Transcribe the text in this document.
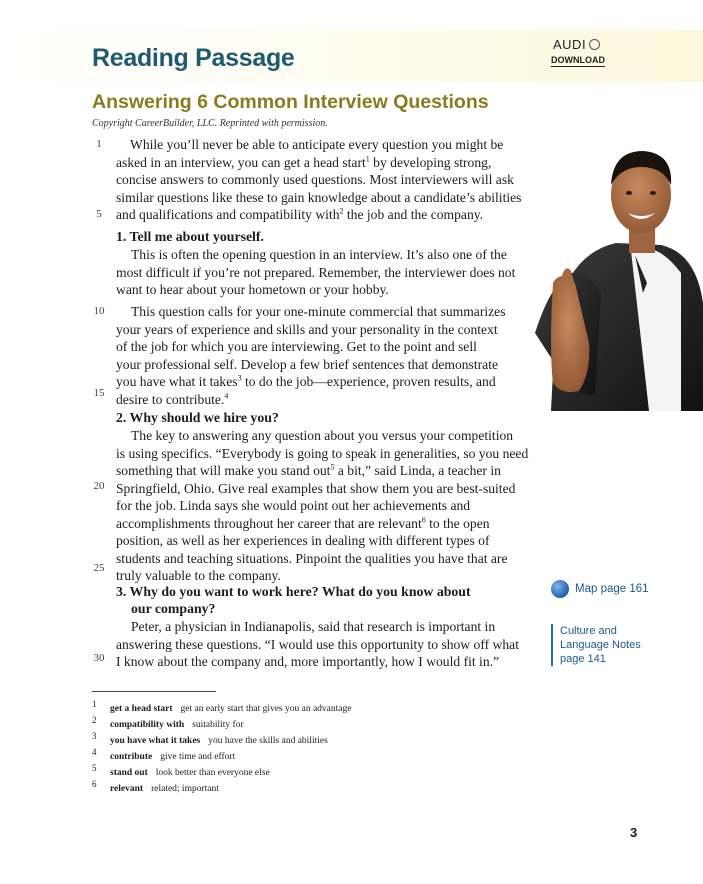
Reading Passage	AUDI
DOWNLOAD
Answering 6 Common Interview Questions
Copyright CareerBuilder, LLC. Reprinted with permission.
While you’ll never be able to anticipate every question you might be
asked in an interview, you can get a head start$^1$ by developing strong,
concise answers to commonly used questions. Most interviewers will ask
similar questions like these to gain knowledge about a candidate’s abilities
and qualifications and compatibility with$^2$ the job and the company.
1. Tell me about yourself.
This is often the opening question in an interview. It’s also one of the
most difficult if you’re not prepared. Remember, the interviewer does not
want to hear about your hometown or your hobby.
This question calls for your one-minute commercial that summarizes
your years of experience and skills and your personality in the context
of the job for which you are interviewing. Get to the point and sell
your professional self. Develop a few brief sentences that demonstrate
you have what it takes$^3$ to do the job—experience, proven results, and
desire to contribute.$^4$
2. Why should we hire you?
The key to answering any question about you versus your competition
is using specifics. “Everybody is going to speak in generalities, so you need
something that will make you stand out$^5$ a bit,” said Linda, a teacher in
Springfield, Ohio. Give real examples that show them you are best-suited
for the job. Linda says she would point out her achievements and
accomplishments throughout her career that are relevant$^6$ to the open
position, as well as her experiences in dealing with different types of
students and teaching situations. Pinpoint the qualities you have that are
truly valuable to the company.
3. Why do you want to work here? What do you know about
our company?
Peter, a physician in Indianapolis, said that research is important in
answering these questions. “I would use this opportunity to show off what
I know about the company and, more importantly, how I would fit in.”
1
5
10
15
20
25
30
Map page 161
Culture and
Language Notes
page 141
1get a head start get an early start that gives you an advantage
2compatibility with suitability for
3you have what it takes you have the skills and abilities
4contribute give time and effort
5stand out look better than everyone else
6relevant related; important
3
